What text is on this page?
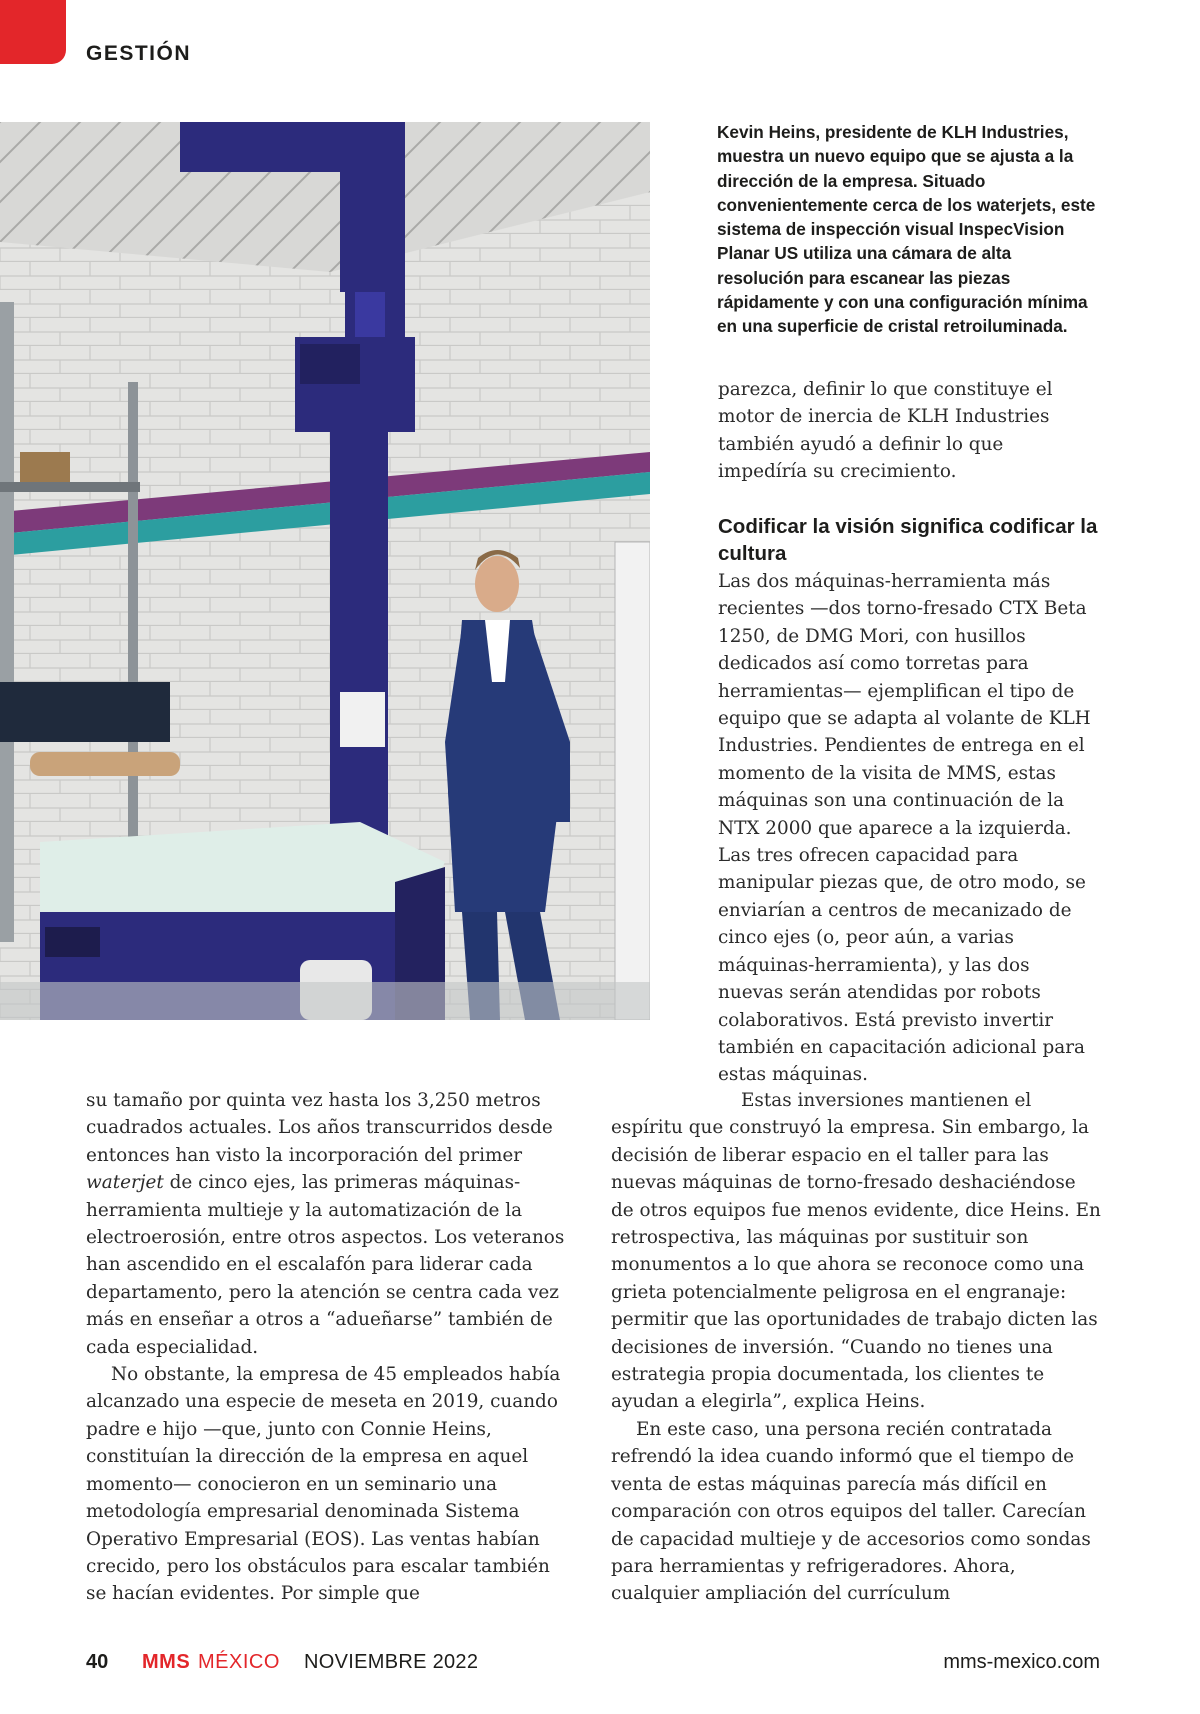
GESTIÓN

Kevin Heins, presidente de KLH Industries, muestra un nuevo equipo que se ajusta a la dirección de la empresa. Situado convenientemente cerca de los waterjets, este sistema de inspección visual InspecVision Planar US utiliza una cámara de alta resolución para escanear las piezas rápidamente y con una configuración mínima en una superficie de cristal retroiluminada.

parezca, definir lo que constituye el motor de inercia de KLH Industries también ayudó a definir lo que impedíría su crecimiento.

Codificar la visión significa codificar la cultura

Las dos máquinas-herramienta más recientes —dos torno-fresado CTX Beta 1250, de DMG Mori, con husillos dedicados así como torretas para herramientas— ejemplifican el tipo de equipo que se adapta al volante de KLH Industries. Pendientes de entrega en el momento de la visita de MMS, estas máquinas son una continuación de la NTX 2000 que aparece a la izquierda. Las tres ofrecen capacidad para manipular piezas que, de otro modo, se enviarían a centros de mecanizado de cinco ejes (o, peor aún, a varias máquinas-herramienta), y las dos nuevas serán atendidas por robots colaborativos. Está previsto invertir también en capacitación adicional para estas máquinas.

su tamaño por quinta vez hasta los 3,250 metros cuadrados actuales. Los años transcurridos desde entonces han visto la incorporación del primer waterjet de cinco ejes, las primeras máquinas-herramienta multieje y la automatización de la electroerosión, entre otros aspectos. Los veteranos han ascendido en el escalafón para liderar cada departamento, pero la atención se centra cada vez más en enseñar a otros a “adueñarse” también de cada especialidad.

No obstante, la empresa de 45 empleados había alcanzado una especie de meseta en 2019, cuando padre e hijo —que, junto con Connie Heins, constituían la dirección de la empresa en aquel momento— conocieron en un seminario una metodología empresarial denominada Sistema Operativo Empresarial (EOS). Las ventas habían crecido, pero los obstáculos para escalar también se hacían evidentes. Por simple que

Estas inversiones mantienen el espíritu que construyó la empresa. Sin embargo, la decisión de liberar espacio en el taller para las nuevas máquinas de torno-fresado deshaciéndose de otros equipos fue menos evidente, dice Heins. En retrospectiva, las máquinas por sustituir son monumentos a lo que ahora se reconoce como una grieta potencialmente peligrosa en el engranaje: permitir que las oportunidades de trabajo dicten las decisiones de inversión. “Cuando no tienes una estrategia propia documentada, los clientes te ayudan a elegirla”, explica Heins.

En este caso, una persona recién contratada refrendó la idea cuando informó que el tiempo de venta de estas máquinas parecía más difícil en comparación con otros equipos del taller. Carecían de capacidad multieje y de accesorios como sondas para herramientas y refrigeradores. Ahora, cualquier ampliación del currículum

40 MMS MÉXICO NOVIEMBRE 2022	mms-mexico.com
